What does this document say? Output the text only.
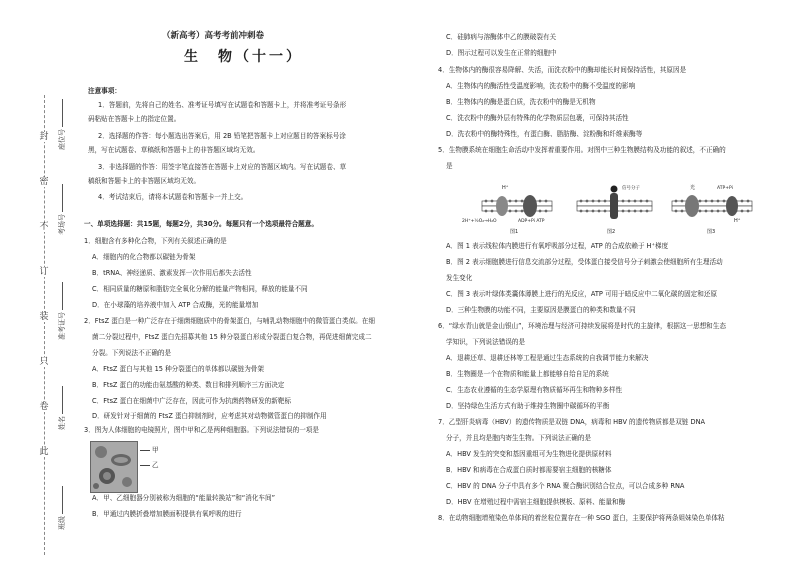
封
密
不
订
装
只
卷
此
座位号
考场号
准考证号
姓名
班级
（新高考）高考考前冲刺卷
生　物（十一）
注意事项：
1．答题前，先将自己的姓名、准考证号填写在试题卷和答题卡上，并将准考证号条形
码粘贴在答题卡上的指定位置。
2．选择题的作答：每小题选出答案后，用 2B 铅笔把答题卡上对应题目的答案标号涂
黑，写在试题卷、草稿纸和答题卡上的非答题区域均无效。
3．非选择题的作答：用签字笔直接答在答题卡上对应的答题区域内。写在试题卷、草
稿纸和答题卡上的非答题区域均无效。
4．考试结束后，请将本试题卷和答题卡一并上交。
一、单项选择题：共15题，每题2分，共30分。每题只有一个选项最符合题意。
1．细胞含有多种化合物，下列有关叙述正确的是
A．细胞内的化合物都以碳链为骨架
B．tRNA、神经递质、激素发挥一次作用后都失去活性
C．相同质量的糖原和脂肪完全氧化分解的能量产物相同，释放的能量不同
D．在小球藻的培养液中加入 ATP 合成酶，光的能量增加
2．FtsZ 蛋白是一种广泛存在于细菌细胞质中的骨架蛋白，与哺乳动物细胞中的微管蛋白类似。在细
菌二分裂过程中，FtsZ 蛋白先招募其他 15 种分裂蛋白形成分裂蛋白复合物，再促进细菌完成二
分裂。下列说法不正确的是
A．FtsZ 蛋白与其他 15 种分裂蛋白的单体都以碳链为骨架
B．FtsZ 蛋白的功能由氨基酸的种类、数目和排列顺序三方面决定
C．FtsZ 蛋白在细菌中广泛存在，因此可作为抗菌药物研发的新靶标
D．研发针对于细菌的 FtsZ 蛋白抑制剂时，应考虑其对动物微管蛋白的抑制作用
3．图为人体细胞的电镜照片，图中甲和乙是两种细胞器。下列说法错误的一项是
甲
乙
A．甲、乙细胞器分别被称为细胞的“能量转换站”和“消化车间”
B．甲通过内膜折叠增加膜面积提供有氧呼吸的进行
C．硅肺病与溶酶体中乙的膜破裂有关
D．图示过程可以发生在正常的细胞中
4．生物体内的酶很容易降解、失活，而洗衣粉中的酶却能长时间保持活性，其原因是
A．生物体内的酶活性受温度影响，洗衣粉中的酶不受温度的影响
B．生物体内的酶是蛋白质，洗衣粉中的酶是无机物
C．洗衣粉中的酶外层有特殊的化学物质层包裹，可保持其活性
D．洗衣粉中的酶特殊性，有蛋白酶、脂肪酶、淀粉酶和纤维素酶等
5．生物膜系统在细胞生命活动中发挥着重要作用。对图中三种生物膜结构及功能的叙述，不正确的
是
H⁺
2H⁺+½O₂→H₂O	ADP+Pi ATP
信号分子	光	ATP+Pi
H⁺
图1	图2	图3
A．图 1 表示线粒体内膜进行有氧呼吸部分过程，ATP 的合成依赖于 H⁺梯度
B．图 2 表示细胞膜进行信息交流部分过程，受体蛋白接受信号分子刺激会使细胞所有生理活动
发生变化
C．图 3 表示叶绿体类囊体薄膜上进行的光反应，ATP 可用于暗反应中二氧化碳的固定和还原
D．三种生物膜的功能不同，主要原因是膜蛋白的种类和数量不同
6．“绿水青山就是金山银山”，环境治理与经济可持续发展将是时代的主旋律，根据这一思想和生态
学知识，下列说法错误的是
A．退耕还草、退耕还林等工程是通过生态系统的自我调节能力来解决
B．生物圈是一个在物质和能量上都能够自给自足的系统
C．生态农业遵循的生态学原理有物质循环再生和物种多样性
D．坚持绿色生活方式有助于维持生物圈中碳循环的平衡
7．乙型肝炎病毒（HBV）的遗传物质是双链 DNA，病毒和 HBV 的遗传物质都是双链 DNA
分子，并且均是胞内寄生生物。下列说法正确的是
A．HBV 发生的突变和基因重组可为生物进化提供原材料
B．HBV 和病毒在合成蛋白质时都需要宿主细胞的核糖体
C．HBV 的 DNA 分子中具有多个 RNA 聚合酶识别结合位点，可以合成多种 RNA
D．HBV 在增殖过程中需宿主细胞提供模板、原料、能量和酶
8．在动物细胞增殖染色单体间的着丝粒位置存在一种 SGO 蛋白，主要保护将两条姐妹染色单体粘
